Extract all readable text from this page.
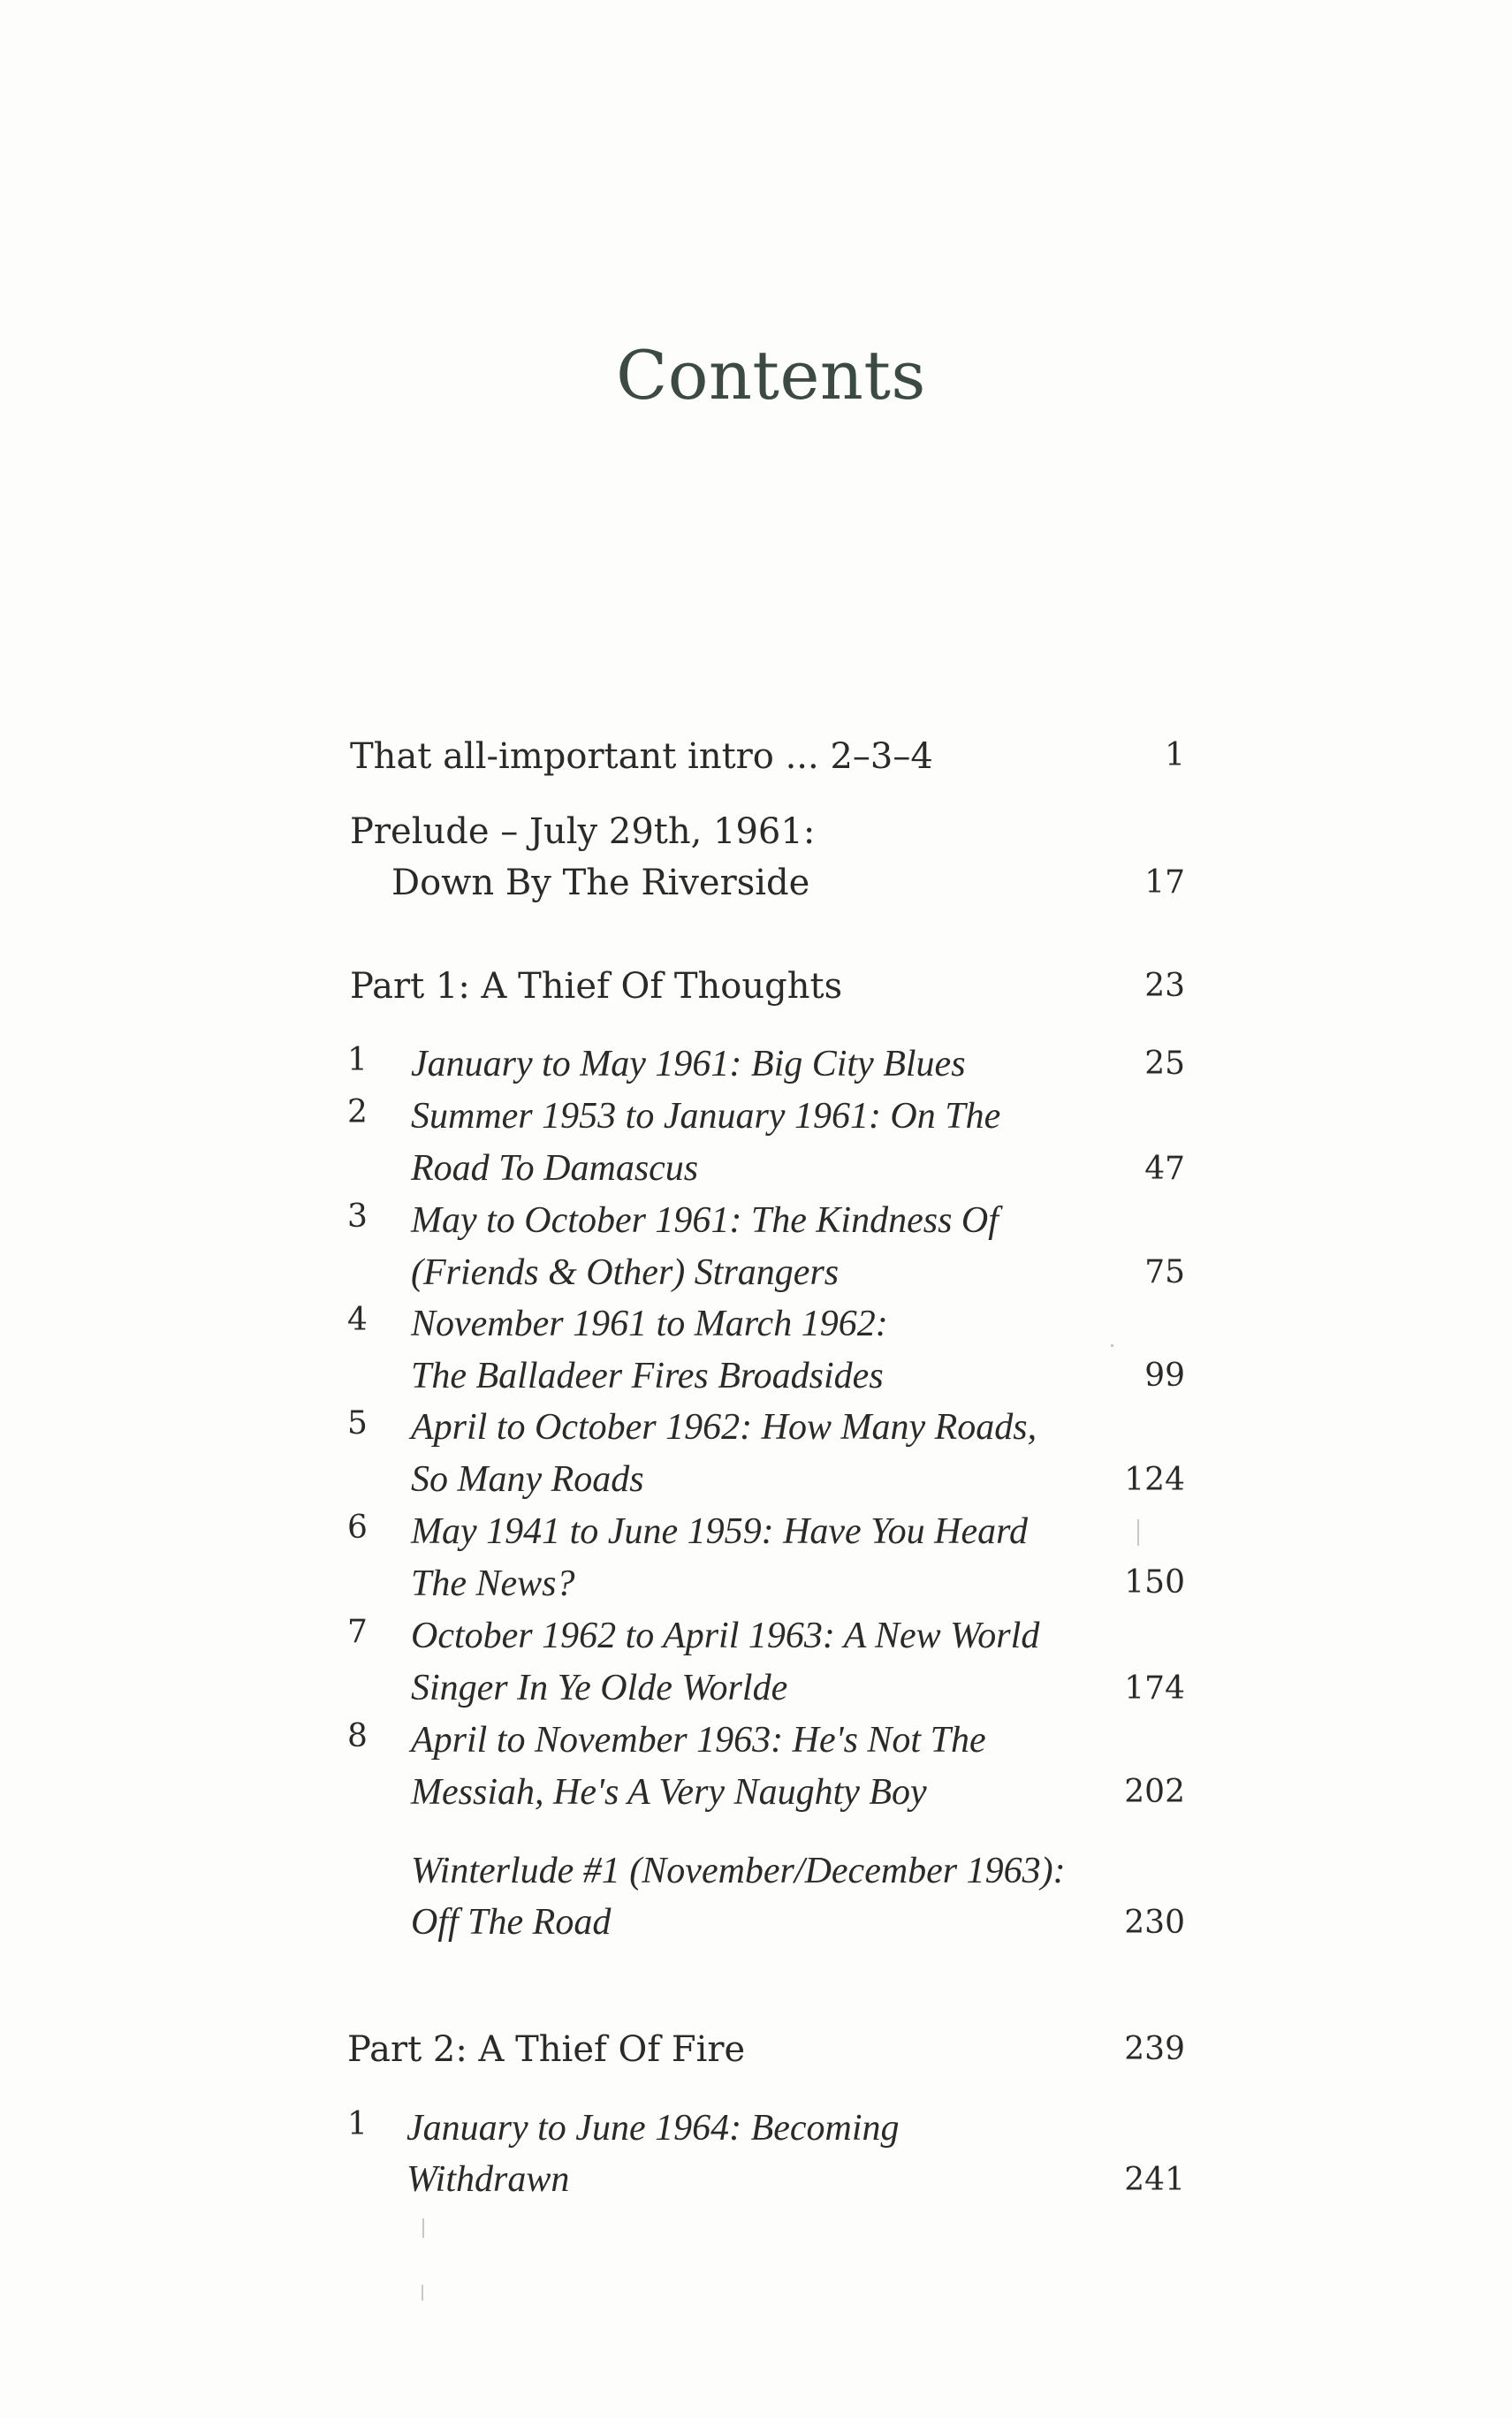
Contents
That all-important intro ... 2–3–4	1
Prelude – July 29th, 1961:
Down By The Riverside	17
Part 1: A Thief Of Thoughts	23
1 January to May 1961: Big City Blues	25
2 Summer 1953 to January 1961: On The
Road To Damascus	47
3 May to October 1961: The Kindness Of
(Friends & Other) Strangers	75
4 November 1961 to March 1962:
The Balladeer Fires Broadsides	99
5 April to October 1962: How Many Roads,
So Many Roads	124
6 May 1941 to June 1959: Have You Heard
The News?	150
7 October 1962 to April 1963: A New World
Singer In Ye Olde Worlde	174
8 April to November 1963: He's Not The
Messiah, He's A Very Naughty Boy	202
Winterlude #1 (November/December 1963):
Off The Road	230
Part 2: A Thief Of Fire	239
1 January to June 1964: Becoming
Withdrawn	241
